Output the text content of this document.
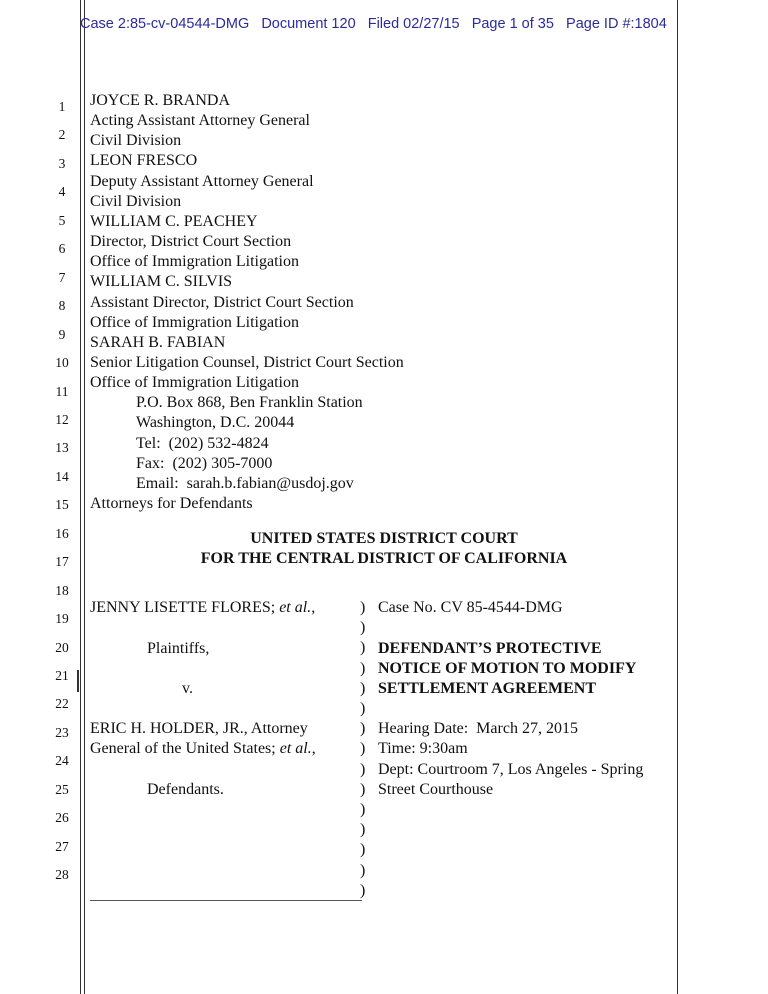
Case 2:85-cv-04544-DMG   Document 120   Filed 02/27/15   Page 1 of 35   Page ID #:1804
1
2
3
4
5
6
7
8
9
10
11
12
13
14
15
16
17
18
19
20
21
22
23
24
25
26
27
28
JOYCE R. BRANDA
Acting Assistant Attorney General
Civil Division
LEON FRESCO
Deputy Assistant Attorney General
Civil Division
WILLIAM C. PEACHEY
Director, District Court Section
Office of Immigration Litigation
WILLIAM C. SILVIS
Assistant Director, District Court Section
Office of Immigration Litigation
SARAH B. FABIAN
Senior Litigation Counsel, District Court Section
Office of Immigration Litigation
P.O. Box 868, Ben Franklin Station
Washington, D.C. 20044
Tel:  (202) 532-4824
Fax:  (202) 305-7000
Email:  sarah.b.fabian@usdoj.gov
Attorneys for Defendants
UNITED STATES DISTRICT COURT
FOR THE CENTRAL DISTRICT OF CALIFORNIA
JENNY LISETTE FLORES; et al.,
Plaintiffs,
v.
ERIC H. HOLDER, JR., Attorney
General of the United States; et al.,
Defendants.
)
)
)
)
)
)
)
)
)
)
)
)
)
)
)
Case No. CV 85-4544-DMG
DEFENDANT’S PROTECTIVE
NOTICE OF MOTION TO MODIFY
SETTLEMENT AGREEMENT
Hearing Date:  March 27, 2015
Time: 9:30am
Dept: Courtroom 7, Los Angeles - Spring
Street Courthouse
